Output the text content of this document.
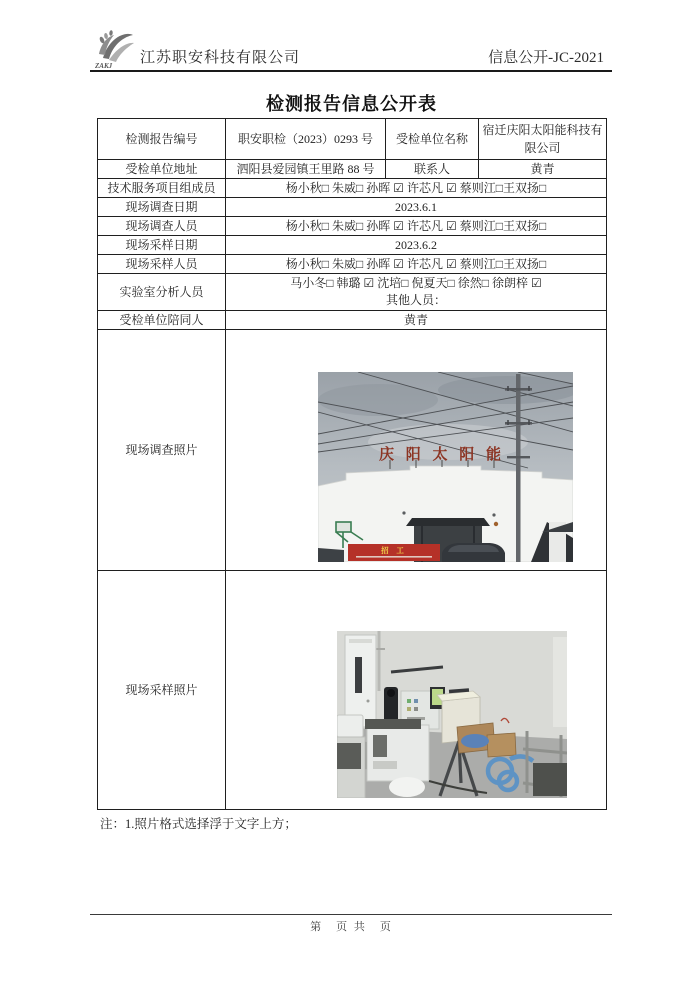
ZAKJ 江苏职安科技有限公司	信息公开-JC-2021
检测报告信息公开表
检测报告编号	职安职检（2023）0293 号	受检单位名称	宿迁庆阳太阳能科技有限公司
受检单位地址	泗阳县爱园镇王里路 88 号	联系人	黄青
技术服务项目组成员	杨小秋□ 朱威□ 孙晖 ☑ 许芯凡 ☑ 蔡则江□王双扬□		
现场调查日期	2023.6.1		
现场调查人员	杨小秋□ 朱威□ 孙晖 ☑ 许芯凡 ☑ 蔡则江□王双扬□		
现场采样日期	2023.6.2		
现场采样人员	杨小秋□ 朱威□ 孙晖 ☑ 许芯凡 ☑ 蔡则江□王双扬□		
实验室分析人员	马小冬□ 韩璐 ☑ 沈培□ 倪夏天□ 徐然□ 徐朗梓 ☑
其他人员：		

受检单位陪同人	黄青		
现场调查照片	庆 阳 太 阳 能
招 工		

现场采样照片	
注：1.照片格式选择浮于文字上方；
第　页 共　页
